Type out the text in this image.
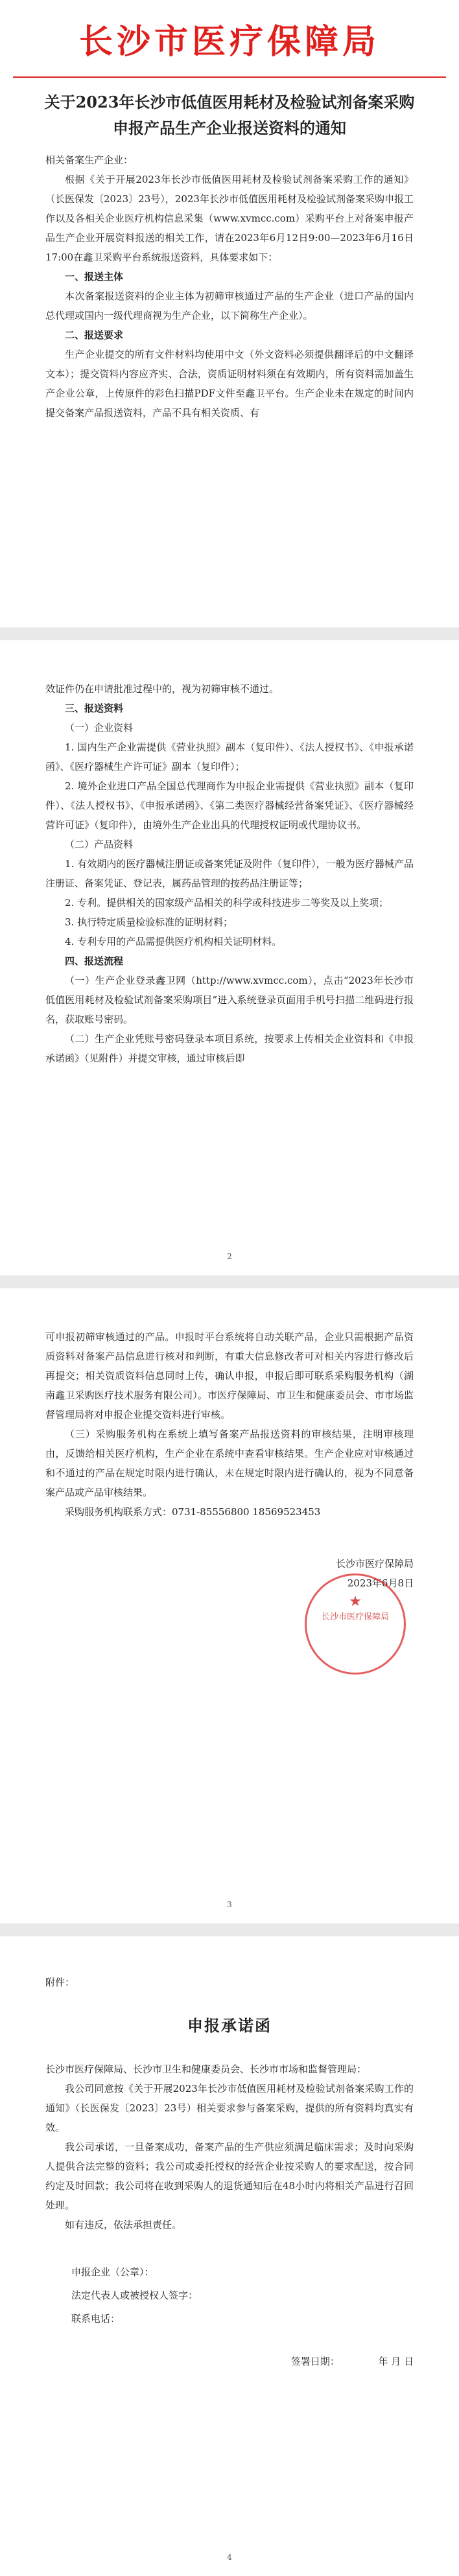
长沙市医疗保障局
关于2023年长沙市低值医用耗材及检验试剂备案采购申报产品生产企业报送资料的通知

相关备案生产企业：

根据《关于开展2023年长沙市低值医用耗材及检验试剂备案采购工作的通知》（长医保发〔2023〕23号），2023年长沙市低值医用耗材及检验试剂备案采购申报工作以及各相关企业医疗机构信息采集（www.xvmcc.com）采购平台上对备案申报产品生产企业开展资料报送的相关工作，请在2023年6月12日9:00—2023年6月16日17:00在鑫卫采购平台系统报送资料，具体要求如下：

一、报送主体

本次备案报送资料的企业主体为初筛审核通过产品的生产企业（进口产品的国内总代理或国内一级代理商视为生产企业，以下简称生产企业）。

二、报送要求

生产企业提交的所有文件材料均使用中文（外文资料必须提供翻译后的中文翻译文本）；提交资料内容应齐实、合法，资质证明材料须在有效期内，所有资料需加盖生产企业公章，上传原件的彩色扫描PDF文件至鑫卫平台。生产企业未在规定的时间内提交备案产品报送资料，产品不具有相关资质、有

效证件仍在申请批准过程中的，视为初筛审核不通过。

三、报送资料

（一）企业资料

1. 国内生产企业需提供《营业执照》副本（复印件）、《法人授权书》、《申报承诺函》、《医疗器械生产许可证》副本（复印件）；

2. 境外企业进口产品全国总代理商作为申报企业需提供《营业执照》副本（复印件）、《法人授权书》、《申报承诺函》、《第二类医疗器械经营备案凭证》、《医疗器械经营许可证》（复印件），由境外生产企业出具的代理授权证明或代理协议书。

（二）产品资料

1. 有效期内的医疗器械注册证或备案凭证及附件（复印件），一般为医疗器械产品注册证、备案凭证、登记表，属药品管理的按药品注册证等；

2. 专利。提供相关的国家级产品相关的科学或科技进步二等奖及以上奖项；

3. 执行特定质量检验标准的证明材料；

4. 专利专用的产品需提供医疗机构相关证明材料。

四、报送流程

（一）生产企业登录鑫卫网（http://www.xvmcc.com），点击“2023年长沙市低值医用耗材及检验试剂备案采购项目”进入系统登录页面用手机号扫描二维码进行报名，获取账号密码。

（二）生产企业凭账号密码登录本项目系统，按要求上传相关企业资料和《申报承诺函》（见附件）并提交审核，通过审核后即

2

可申报初筛审核通过的产品。申报时平台系统将自动关联产品，企业只需根据产品资质资料对备案产品信息进行核对和判断，有重大信息修改者可对相关内容进行修改后再提交；相关资质资料信息同时上传，确认申报，申报后即可联系采购服务机构（湖南鑫卫采购医疗技术服务有限公司）。市医疗保障局、市卫生和健康委员会、市市场监督管理局将对申报企业提交资料进行审核。

（三）采购服务机构在系统上填写备案产品报送资料的审核结果，注明审核理由，反馈给相关医疗机构，生产企业在系统中查看审核结果。生产企业应对审核通过和不通过的产品在规定时限内进行确认，未在规定时限内进行确认的，视为不同意备案产品或产品审核结果。

采购服务机构联系方式：0731-85556800 18569523453

长沙市医疗保障局

2023年6月8日

★
长沙市医疗保障局
3
附件：
申报承诺函

长沙市医疗保障局、长沙市卫生和健康委员会、长沙市市场和监督管理局：

我公司同意按《关于开展2023年长沙市低值医用耗材及检验试剂备案采购工作的通知》（长医保发〔2023〕23号）相关要求参与备案采购，提供的所有资料均真实有效。

我公司承诺，一旦备案成功，备案产品的生产供应须满足临床需求；及时向采购人提供合法完整的资料；我公司或委托授权的经营企业按采购人的要求配送，按合同约定及时回款；我公司将在收到采购人的退货通知后在48小时内将相关产品进行召回处理。

如有违反，依法承担责任。

申报企业（公章）：

法定代表人或被授权人签字：

联系电话：

签署日期：	年 月 日

4
